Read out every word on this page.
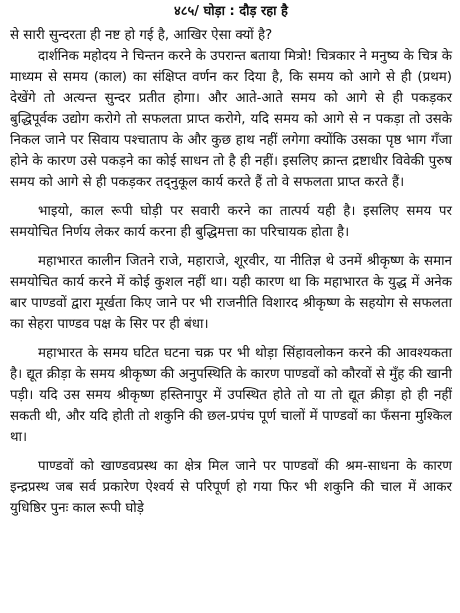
४८५/ घोड़ा : दौड़ रहा है

से सारी सुन्दरता ही नष्ट हो गई है, आखिर ऐसा क्यों है?

दार्शनिक महोदय ने चिन्तन करने के उपरान्त बताया मित्रो! चित्रकार ने मनुष्य के चित्र के माध्यम से समय (काल) का संक्षिप्त वर्णन कर दिया है, कि समय को आगे से ही (प्रथम) देखेंगे तो अत्यन्त सुन्दर प्रतीत होगा। और आते-आते समय को आगे से ही पकड़कर बुद्धिपूर्वक उद्योग करोगे तो सफलता प्राप्त करोगे, यदि समय को आगे से न पकड़ा तो उसके निकल जाने पर सिवाय पश्चाताप के और कुछ हाथ नहीं लगेगा क्योंकि उसका पृष्ठ भाग गँजा होने के कारण उसे पकड़ने का कोई साधन तो है ही नहीं। इसलिए क्रान्त द्रष्टाधीर विवेकी पुरुष समय को आगे से ही पकड़कर तद्नुकूल कार्य करते हैं तो वे सफलता प्राप्त करते हैं।

भाइयो, काल रूपी घोड़ी पर सवारी करने का तात्पर्य यही है। इसलिए समय पर समयोचित निर्णय लेकर कार्य करना ही बुद्धिमत्ता का परिचायक होता है।

महाभारत कालीन जितने राजे, महाराजे, शूरवीर, या नीतिज्ञ थे उनमें श्रीकृष्ण के समान समयोचित कार्य करने में कोई कुशल नहीं था। यही कारण था कि महाभारत के युद्ध में अनेक बार पाण्डवों द्वारा मूर्खता किए जाने पर भी राजनीति विशारद श्रीकृष्ण के सहयोग से सफलता का सेहरा पाण्डव पक्ष के सिर पर ही बंधा।

महाभारत के समय घटित घटना चक्र पर भी थोड़ा सिंहावलोकन करने की आवश्यकता है। द्यूत क्रीड़ा के समय श्रीकृष्ण की अनुपस्थिति के कारण पाण्डवों को कौरवों से मुँह की खानी पड़ी। यदि उस समय श्रीकृष्ण हस्तिनापुर में उपस्थित होते तो या तो द्यूत क्रीड़ा हो ही नहीं सकती थी, और यदि होती तो शकुनि की छल-प्रपंच पूर्ण चालों में पाण्डवों का फँसना मुश्किल था।

पाण्डवों को खाण्डवप्रस्थ का क्षेत्र मिल जाने पर पाण्डवों की श्रम-साधना के कारण इन्द्रप्रस्थ जब सर्व प्रकारेण ऐश्वर्य से परिपूर्ण हो गया फिर भी शकुनि की चाल में आकर युधिष्ठिर पुनः काल रूपी घोड़े
